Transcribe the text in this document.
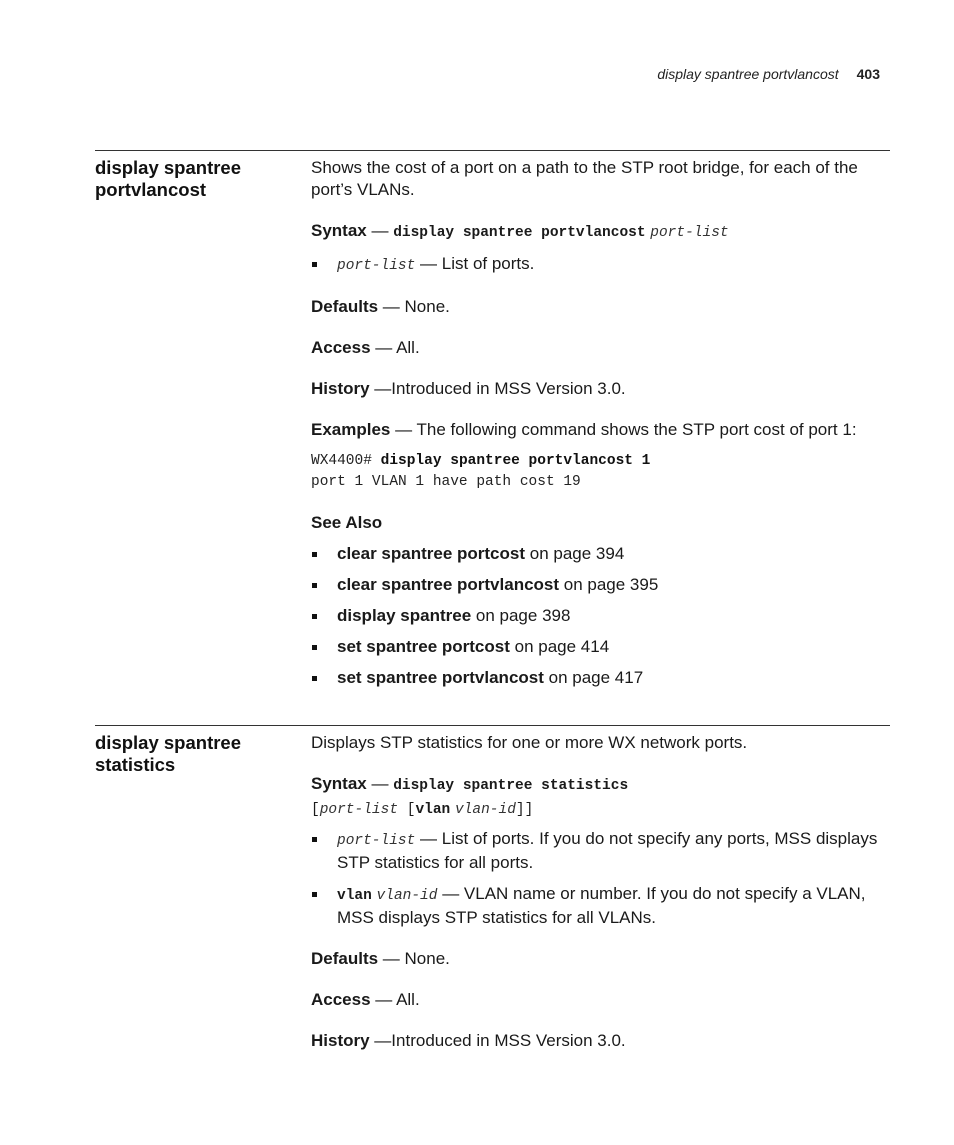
display spantree portvlancost 403
display spantree
portvlancost

Shows the cost of a port on a path to the STP root bridge, for each of the port’s VLANs.

Syntax — display spantree portvlancost port-list

port-list — List of ports.

Defaults — None.

Access — All.

History —Introduced in MSS Version 3.0.

Examples — The following command shows the STP port cost of port 1:

WX4400# display spantree portvlancost 1
port 1 VLAN 1 have path cost 19

See Also

clear spantree portcost on page 394
clear spantree portvlancost on page 395
display spantree on page 398
set spantree portcost on page 414
set spantree portvlancost on page 417
display spantree
statistics

Displays STP statistics for one or more WX network ports.

Syntax — display spantree statistics

[port-list [vlan vlan-id]]

port-list — List of ports. If you do not specify any ports, MSS displays STP statistics for all ports.
vlan vlan-id — VLAN name or number. If you do not specify a VLAN, MSS displays STP statistics for all VLANs.

Defaults — None.

Access — All.

History —Introduced in MSS Version 3.0.
